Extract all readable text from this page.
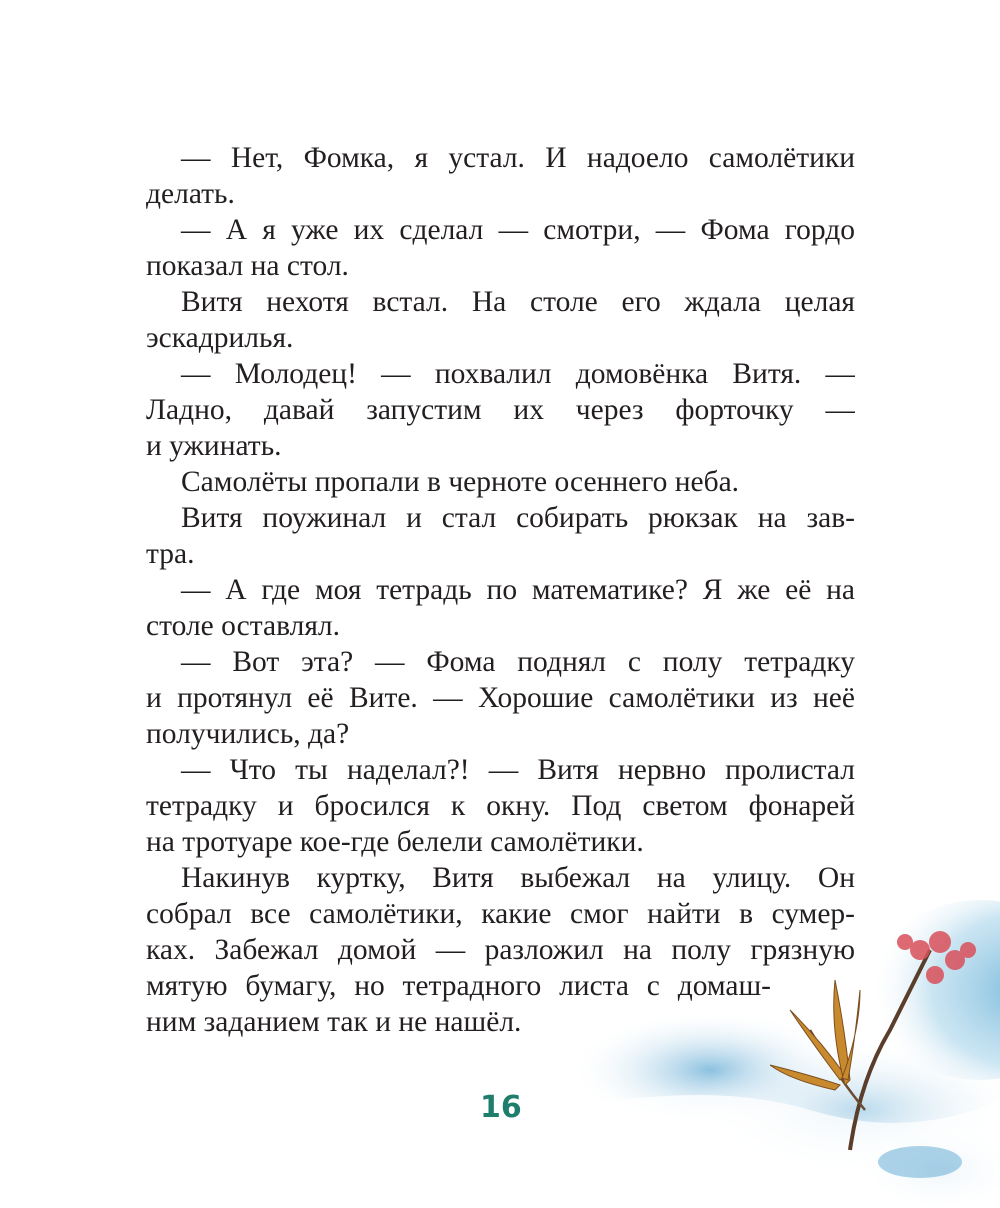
— Нет, Фомка, я устал. И надоело самолётики
делать.
— А я уже их сделал — смотри, — Фома гордо
показал на стол.
Витя нехотя встал. На столе его ждала целая
эскадрилья.
— Молодец! — похвалил домовёнка Витя. —
Ладно, давай запустим их через форточку —
и ужинать.
Самолёты пропали в черноте осеннего неба.
Витя поужинал и стал собирать рюкзак на зав-
тра.
— А где моя тетрадь по математике? Я же её на
столе оставлял.
— Вот эта? — Фома поднял с полу тетрадку
и протянул её Вите. — Хорошие самолётики из неё
получились, да?
— Что ты наделал?! — Витя нервно пролистал
тетрадку и бросился к окну. Под светом фонарей
на тротуаре кое-где белели самолётики.
Накинув куртку, Витя выбежал на улицу. Он
собрал все самолётики, какие смог найти в сумер-
ках. Забежал домой — разложил на полу грязную
мятую бумагу, но тетрадного листа с домаш-
ним заданием так и не нашёл.
16
